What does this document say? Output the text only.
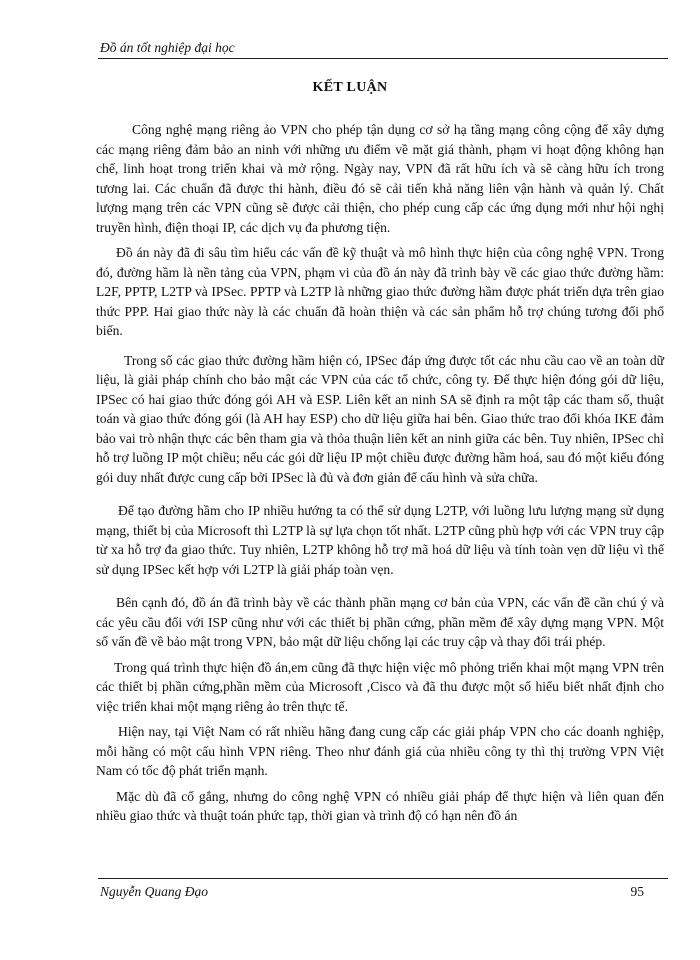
Đồ án tốt nghiệp đại học
KẾT LUẬN

Công nghệ mạng riêng ảo VPN cho phép tận dụng cơ sở hạ tầng mạng công cộng để xây dựng các mạng riêng đảm bảo an ninh với những ưu điểm về mặt giá thành, phạm vi hoạt động không hạn chế, linh hoạt trong triển khai và mở rộng. Ngày nay, VPN đã rất hữu ích và sẽ càng hữu ích trong tương lai. Các chuẩn đã được thi hành, điều đó sẽ cải tiến khả năng liên vận hành và quản lý. Chất lượng mạng trên các VPN cũng sẽ được cải thiện, cho phép cung cấp các ứng dụng mới như hội nghị truyền hình, điện thoại IP, các dịch vụ đa phương tiện.

Đồ án này đã đi sâu tìm hiểu các vấn đề kỹ thuật và mô hình thực hiện của công nghệ VPN. Trong đó, đường hầm là nền tảng của VPN, phạm vi của đồ án này đã trình bày về các giao thức đường hầm: L2F, PPTP, L2TP và IPSec. PPTP và L2TP là những giao thức đường hầm được phát triển dựa trên giao thức PPP. Hai giao thức này là các chuẩn đã hoàn thiện và các sản phẩm hỗ trợ chúng tương đối phổ biến.

Trong số các giao thức đường hầm hiện có, IPSec đáp ứng được tốt các nhu cầu cao về an toàn dữ liệu, là giải pháp chính cho bảo mật các VPN của các tổ chức, công ty. Để thực hiện đóng gói dữ liệu, IPSec có hai giao thức đóng gói AH và ESP. Liên kết an ninh SA sẽ định ra một tập các tham số, thuật toán và giao thức đóng gói (là AH hay ESP) cho dữ liệu giữa hai bên. Giao thức trao đổi khóa IKE đảm bảo vai trò nhận thực các bên tham gia và thỏa thuận liên kết an ninh giữa các bên. Tuy nhiên, IPSec chỉ hỗ trợ luồng IP một chiều; nếu các gói dữ liệu IP một chiều được đường hầm hoá, sau đó một kiểu đóng gói duy nhất được cung cấp bởi IPSec là đủ và đơn giản để cấu hình và sửa chữa.

Để tạo đường hầm cho IP nhiều hướng ta có thể sử dụng L2TP, với luồng lưu lượng mạng sử dụng mạng, thiết bị của Microsoft thì L2TP là sự lựa chọn tốt nhất. L2TP cũng phù hợp với các VPN truy cập từ xa hỗ trợ đa giao thức. Tuy nhiên, L2TP không hỗ trợ mã hoá dữ liệu và tính toàn vẹn dữ liệu vì thế sử dụng IPSec kết hợp với L2TP là giải pháp toàn vẹn.

Bên cạnh đó, đồ án đã trình bày về các thành phần mạng cơ bản của VPN, các vấn đề cần chú ý và các yêu cầu đối với ISP cũng như với các thiết bị phần cứng, phần mềm để xây dựng mạng VPN. Một số vấn đề về bảo mật trong VPN, bảo mật dữ liệu chống lại các truy cập và thay đổi trái phép.

Trong quá trình thực hiện đồ án,em cũng đã thực hiện việc mô phỏng triển khai một mạng VPN trên các thiết bị phần cứng,phần mềm của Microsoft ,Cisco và đã thu được một số hiểu biết nhất định cho việc triển khai một mạng riêng ảo trên thực tế.

Hiện nay, tại Việt Nam có rất nhiều hãng đang cung cấp các giải pháp VPN cho các doanh nghiệp, mỗi hãng có một cấu hình VPN riêng. Theo như đánh giá của nhiều công ty thì thị trường VPN Việt Nam có tốc độ phát triển mạnh.

Mặc dù đã cố gắng, nhưng do công nghệ VPN có nhiều giải pháp để thực hiện và liên quan đến nhiều giao thức và thuật toán phức tạp, thời gian và trình độ có hạn nên đồ án

Nguyễn Quang Đạo	95
